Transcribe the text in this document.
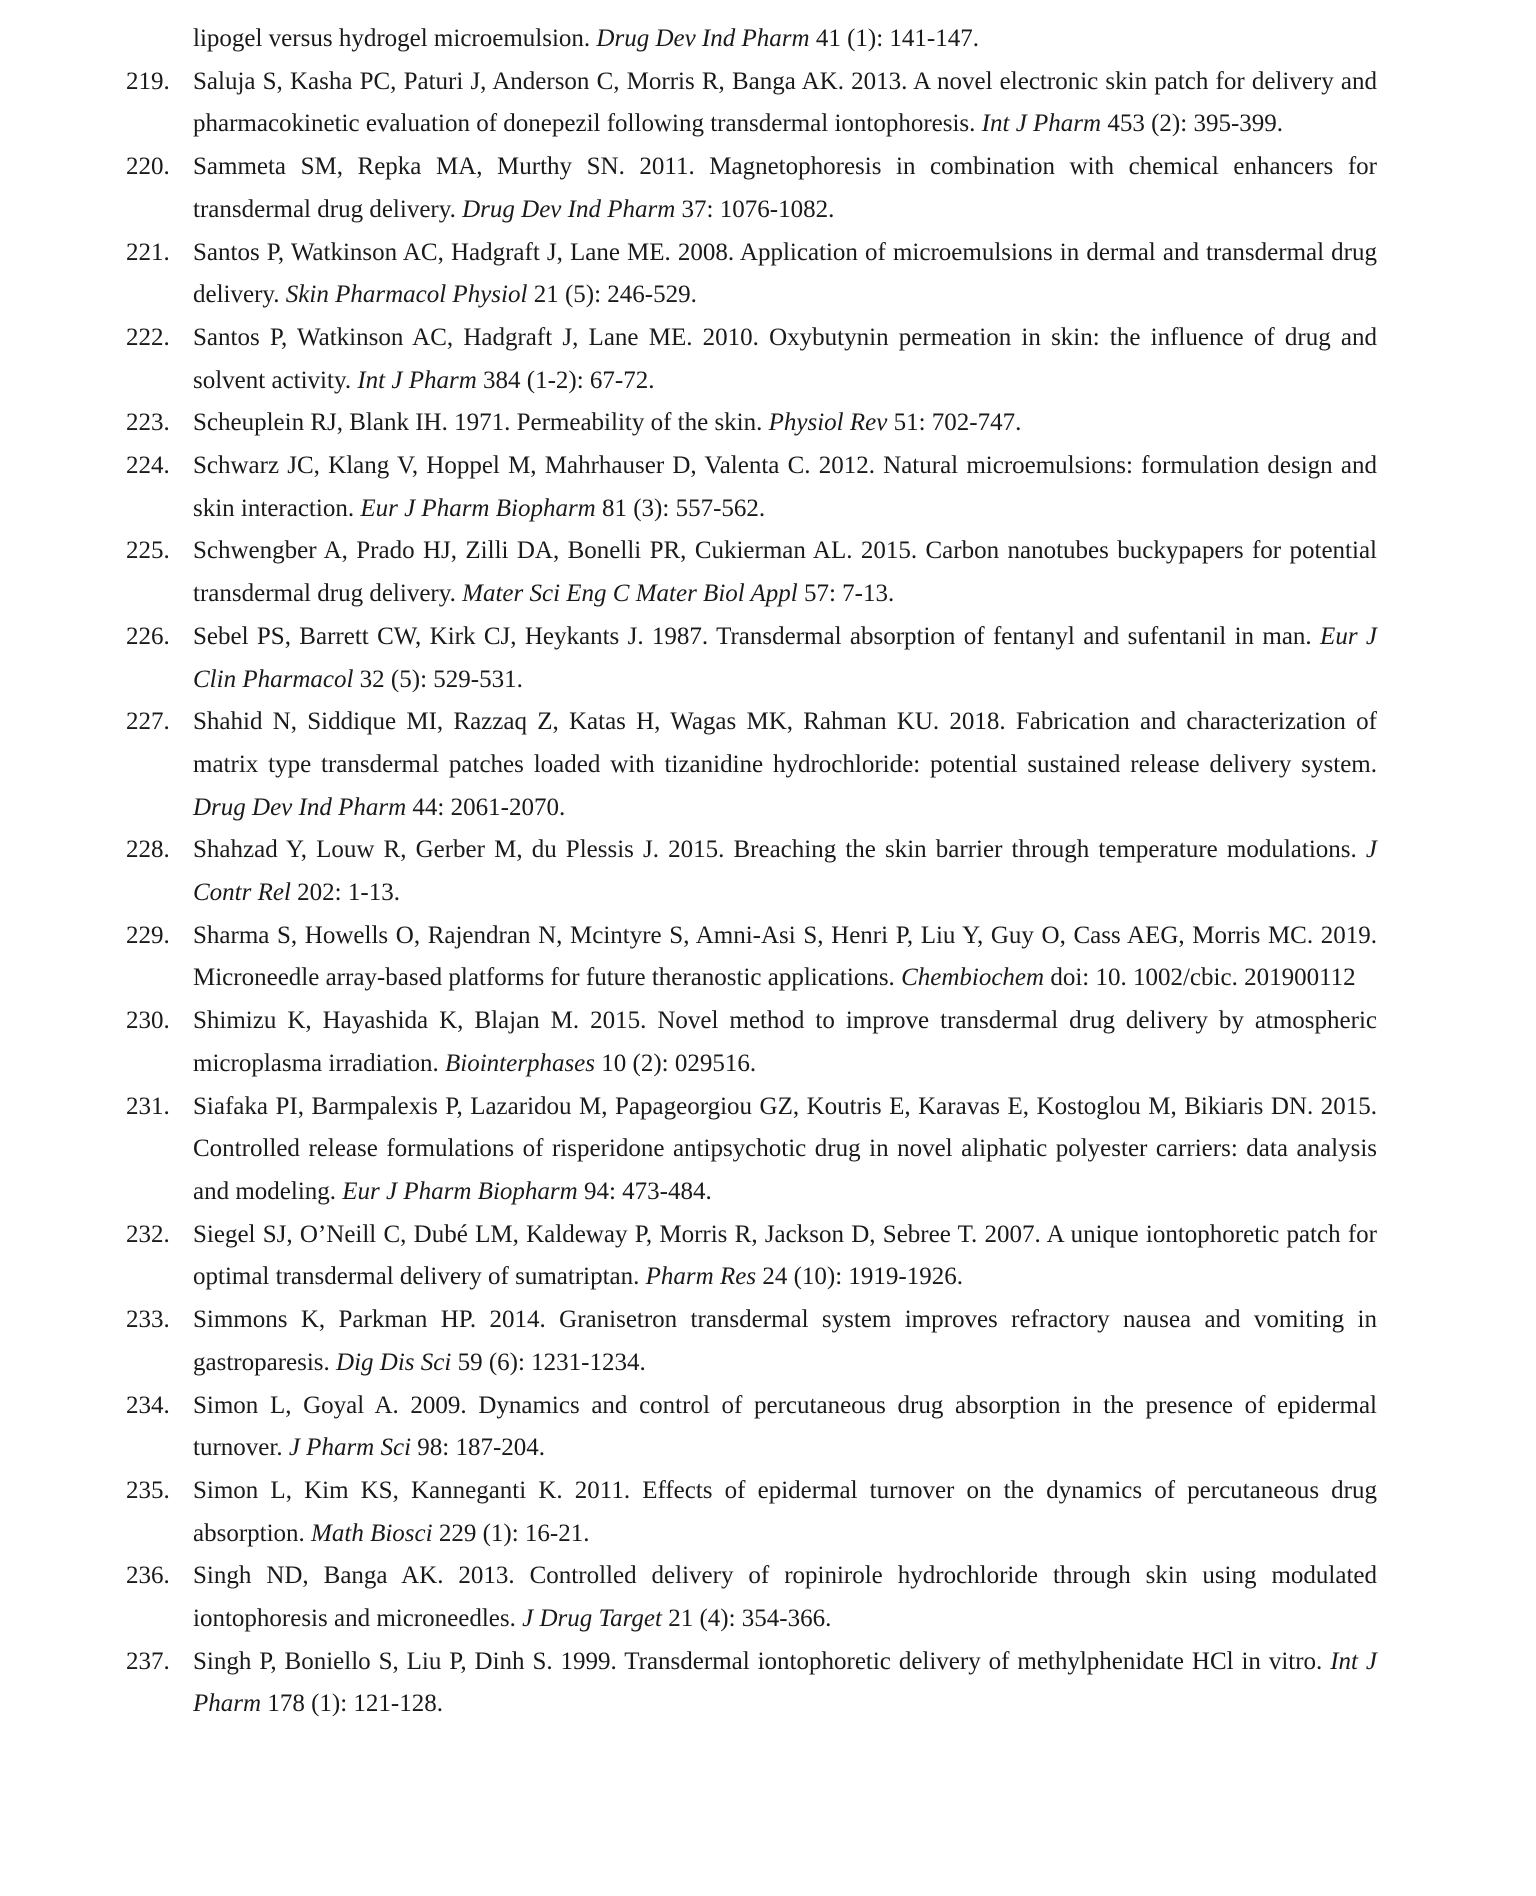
lipogel versus hydrogel microemulsion. Drug Dev Ind Pharm 41 (1): 141-147.

219. Saluja S, Kasha PC, Paturi J, Anderson C, Morris R, Banga AK. 2013. A novel electronic skin patch for delivery and pharmacokinetic evaluation of donepezil following transdermal iontophoresis. Int J Pharm 453 (2): 395-399.

220. Sammeta SM, Repka MA, Murthy SN. 2011. Magnetophoresis in combination with chemical enhancers for transdermal drug delivery. Drug Dev Ind Pharm 37: 1076-1082.

221. Santos P, Watkinson AC, Hadgraft J, Lane ME. 2008. Application of microemulsions in dermal and transdermal drug delivery. Skin Pharmacol Physiol 21 (5): 246-529.

222. Santos P, Watkinson AC, Hadgraft J, Lane ME. 2010. Oxybutynin permeation in skin: the influence of drug and solvent activity. Int J Pharm 384 (1-2): 67-72.

223. Scheuplein RJ, Blank IH. 1971. Permeability of the skin. Physiol Rev 51: 702-747.

224. Schwarz JC, Klang V, Hoppel M, Mahrhauser D, Valenta C. 2012. Natural microemulsions: formulation design and skin interaction. Eur J Pharm Biopharm 81 (3): 557-562.

225. Schwengber A, Prado HJ, Zilli DA, Bonelli PR, Cukierman AL. 2015. Carbon nanotubes buckypapers for potential transdermal drug delivery. Mater Sci Eng C Mater Biol Appl 57: 7-13.

226. Sebel PS, Barrett CW, Kirk CJ, Heykants J. 1987. Transdermal absorption of fentanyl and sufentanil in man. Eur J Clin Pharmacol 32 (5): 529-531.

227. Shahid N, Siddique MI, Razzaq Z, Katas H, Wagas MK, Rahman KU. 2018. Fabrication and characterization of matrix type transdermal patches loaded with tizanidine hydrochloride: potential sustained release delivery system. Drug Dev Ind Pharm 44: 2061-2070.

228. Shahzad Y, Louw R, Gerber M, du Plessis J. 2015. Breaching the skin barrier through temperature modulations. J Contr Rel 202: 1-13.

229. Sharma S, Howells O, Rajendran N, Mcintyre S, Amni-Asi S, Henri P, Liu Y, Guy O, Cass AEG, Morris MC. 2019. Microneedle array-based platforms for future theranostic applications. Chembiochem doi: 10. 1002/cbic. 201900112

230. Shimizu K, Hayashida K, Blajan M. 2015. Novel method to improve transdermal drug delivery by atmospheric microplasma irradiation. Biointerphases 10 (2): 029516.

231. Siafaka PI, Barmpalexis P, Lazaridou M, Papageorgiou GZ, Koutris E, Karavas E, Kostoglou M, Bikiaris DN. 2015. Controlled release formulations of risperidone antipsychotic drug in novel aliphatic polyester carriers: data analysis and modeling. Eur J Pharm Biopharm 94: 473-484.

232. Siegel SJ, O’Neill C, Dubé LM, Kaldeway P, Morris R, Jackson D, Sebree T. 2007. A unique iontophoretic patch for optimal transdermal delivery of sumatriptan. Pharm Res 24 (10): 1919-1926.

233. Simmons K, Parkman HP. 2014. Granisetron transdermal system improves refractory nausea and vomiting in gastroparesis. Dig Dis Sci 59 (6): 1231-1234.

234. Simon L, Goyal A. 2009. Dynamics and control of percutaneous drug absorption in the presence of epidermal turnover. J Pharm Sci 98: 187-204.

235. Simon L, Kim KS, Kanneganti K. 2011. Effects of epidermal turnover on the dynamics of percutaneous drug absorption. Math Biosci 229 (1): 16-21.

236. Singh ND, Banga AK. 2013. Controlled delivery of ropinirole hydrochloride through skin using modulated iontophoresis and microneedles. J Drug Target 21 (4): 354-366.

237. Singh P, Boniello S, Liu P, Dinh S. 1999. Transdermal iontophoretic delivery of methylphenidate HCl in vitro. Int J Pharm 178 (1): 121-128.
